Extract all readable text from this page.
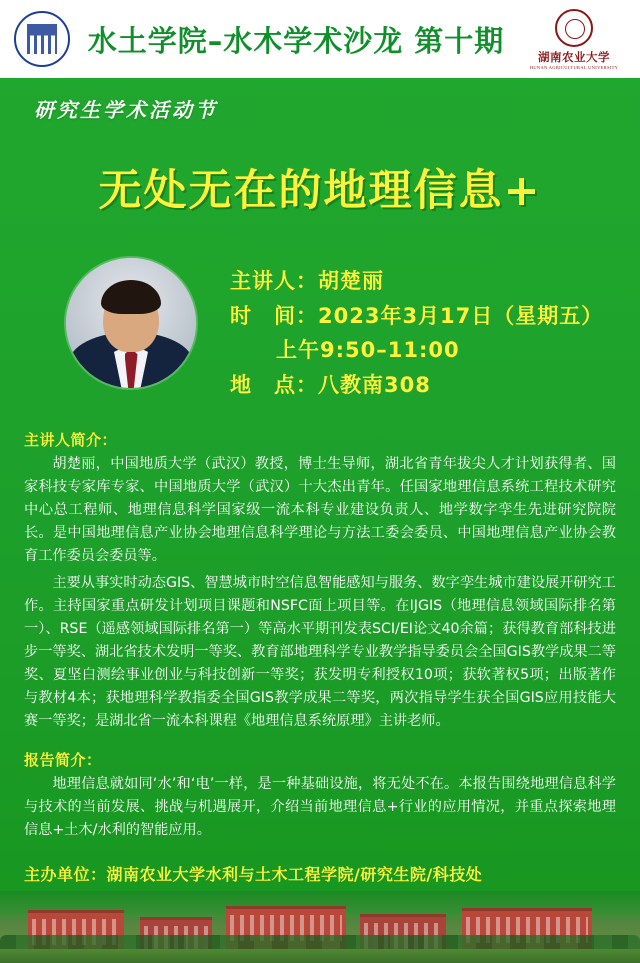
水土学院–水木学术沙龙 第十期	湖南农业大学
HUNAN AGRICULTURAL UNIVERSITY
研究生学术活动节
无处无在的地理信息+
主讲人：胡楚丽
时　间：2023年3月17日（星期五）
上午9:50–11:00
地　点：八教南308
主讲人简介：

胡楚丽，中国地质大学（武汉）教授，博士生导师，湖北省青年拔尖人才计划获得者、国家科技专家库专家、中国地质大学（武汉）十大杰出青年。任国家地理信息系统工程技术研究中心总工程师、地理信息科学国家级一流本科专业建设负责人、地学数字孪生先进研究院院长。是中国地理信息产业协会地理信息科学理论与方法工委会委员、中国地理信息产业协会教育工作委员会委员等。

主要从事实时动态GIS、智慧城市时空信息智能感知与服务、数字孪生城市建设展开研究工作。主持国家重点研发计划项目课题和NSFC面上项目等。在IJGIS（地理信息领域国际排名第一）、RSE（遥感领域国际排名第一）等高水平期刊发表SCI/EI论文40余篇；获得教育部科技进步一等奖、湖北省技术发明一等奖、教育部地理科学专业教学指导委员会全国GIS教学成果二等奖、夏坚白测绘事业创业与科技创新一等奖；获发明专利授权10项；获软著权5项；出版著作与教材4本；获地理科学教指委全国GIS教学成果二等奖，两次指导学生获全国GIS应用技能大赛一等奖；是湖北省一流本科课程《地理信息系统原理》主讲老师。

报告简介：

地理信息就如同‘水’和‘电’一样，是一种基础设施，将无处不在。本报告围绕地理信息科学与技术的当前发展、挑战与机遇展开，介绍当前地理信息+行业的应用情况，并重点探索地理信息+土木/水利的智能应用。

主办单位：湖南农业大学水利与土木工程学院/研究生院/科技处
